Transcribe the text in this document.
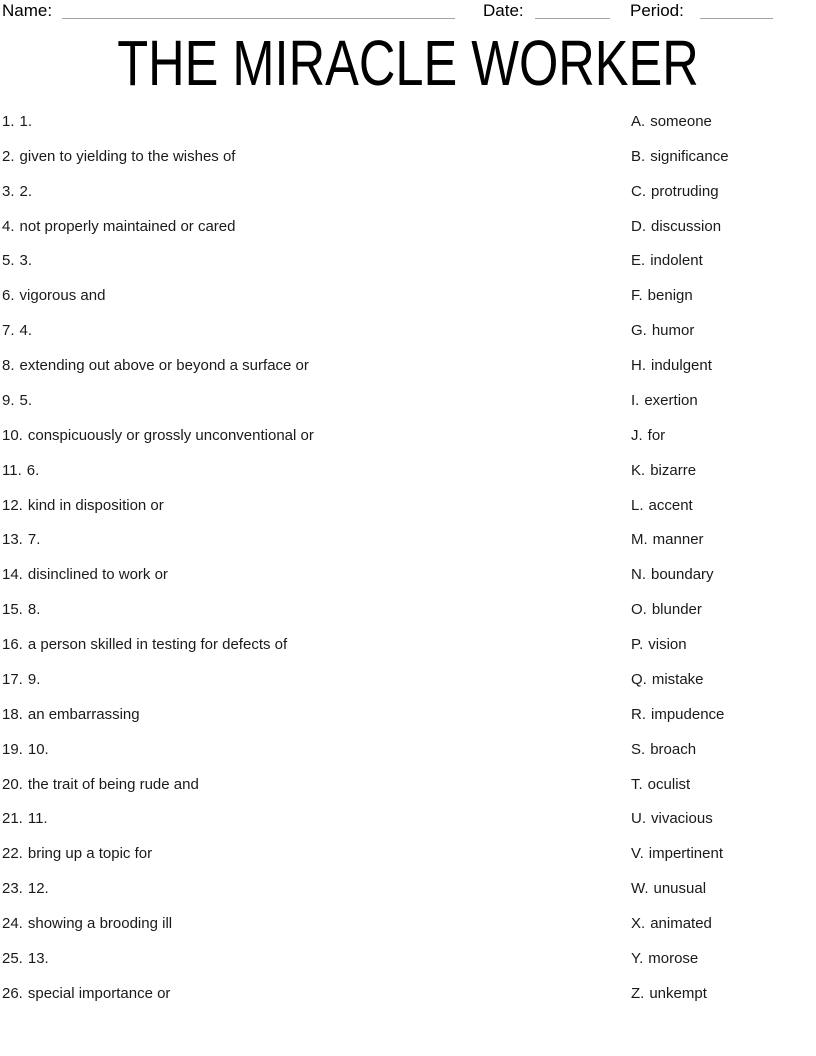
Name:	Date:	Period:
THE MIRACLE WORKER
1. 1.
2. given to yielding to the wishes of
3. 2.
4. not properly maintained or cared
5. 3.
6. vigorous and
7. 4.
8. extending out above or beyond a surface or
9. 5.
10. conspicuously or grossly unconventional or
11. 6.
12. kind in disposition or
13. 7.
14. disinclined to work or
15. 8.
16. a person skilled in testing for defects of
17. 9.
18. an embarrassing
19. 10.
20. the trait of being rude and
21. 11.
22. bring up a topic for
23. 12.
24. showing a brooding ill
25. 13.
26. special importance or
A. someone
B. significance
C. protruding
D. discussion
E. indolent
F. benign
G. humor
H. indulgent
I. exertion
J. for
K. bizarre
L. accent
M. manner
N. boundary
O. blunder
P. vision
Q. mistake
R. impudence
S. broach
T. oculist
U. vivacious
V. impertinent
W. unusual
X. animated
Y. morose
Z. unkempt
